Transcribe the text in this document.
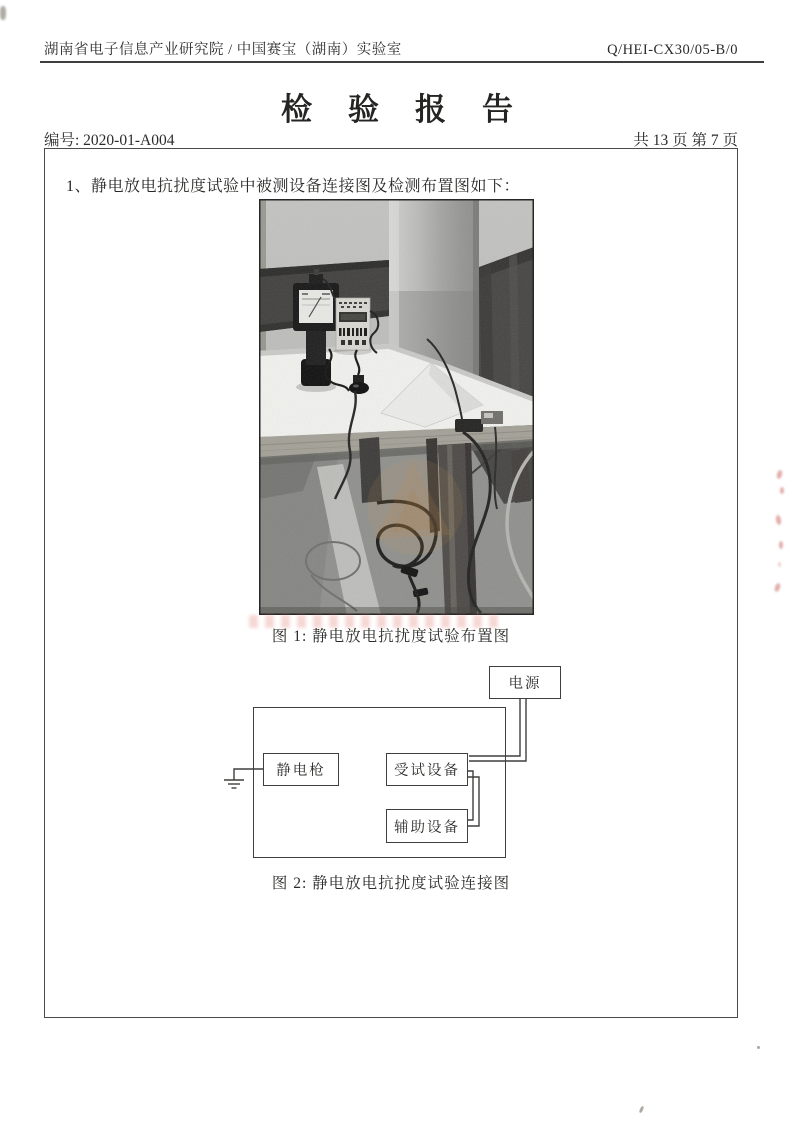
湖南省电子信息产业研究院 / 中国赛宝（湖南）实验室	Q/HEI-CX30/05-B/0
检验报告
编号: 2020-01-A004	共 13 页 第 7 页
1、静电放电抗扰度试验中被测设备连接图及检测布置图如下：
图 1: 静电放电抗扰度试验布置图
电源
静电枪	受试设备
辅助设备
图 2: 静电放电抗扰度试验连接图
